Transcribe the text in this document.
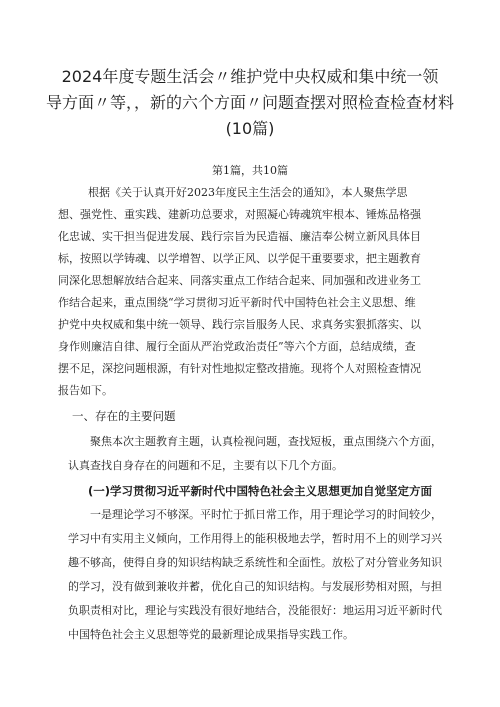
2024年度专题生活会〃维护党中央权威和集中统一领
导方面〃等，，新的六个方面〃问题查摆对照检查检查材料
(10篇)
第1篇，共10篇
根据《关于认真开好2023年度民主生活会的通知》，本人聚焦学思
想、强党性、重实践、建新功总要求，对照凝心铸魂筑牢根本、锤炼品格强
化忠诚、实干担当促进发展、践行宗旨为民造福、廉洁奉公树立新风具体目
标，按照以学铸魂、以学增智、以学正风、以学促干重要要求，把主题教育
同深化思想解放结合起来、同落实重点工作结合起来、同加强和改进业务工
作结合起来，重点围绕“学习贯彻习近平新时代中国特色社会主义思想、维
护党中央权威和集中统一领导、践行宗旨服务人民、求真务实狠抓落实、以
身作则廉洁自律、履行全面从严治党政治责任”等六个方面，总结成绩，查
摆不足，深挖问题根源，有针对性地拟定整改措施。现将个人对照检查情况
报告如下。
一、存在的主要问题
聚焦本次主题教育主题，认真检视问题，查找短板，重点围绕六个方面，
认真查找自身存在的问题和不足，主要有以下几个方面。
(一)学习贯彻习近平新时代中国特色社会主义思想更加自觉坚定方面
一是理论学习不够深。平时忙于抓日常工作，用于理论学习的时间较少，
学习中有实用主义倾向，工作用得上的能积极地去学，暂时用不上的则学习兴
趣不够高，使得自身的知识结构缺乏系统性和全面性。放松了对分管业务知识
的学习，没有做到兼收并蓄，优化自己的知识结构。与发展形势相对照，与担
负职责相对比，理论与实践没有很好地结合，没能很好：地运用习近平新时代
中国特色社会主义思想等党的最新理论成果指导实践工作。
